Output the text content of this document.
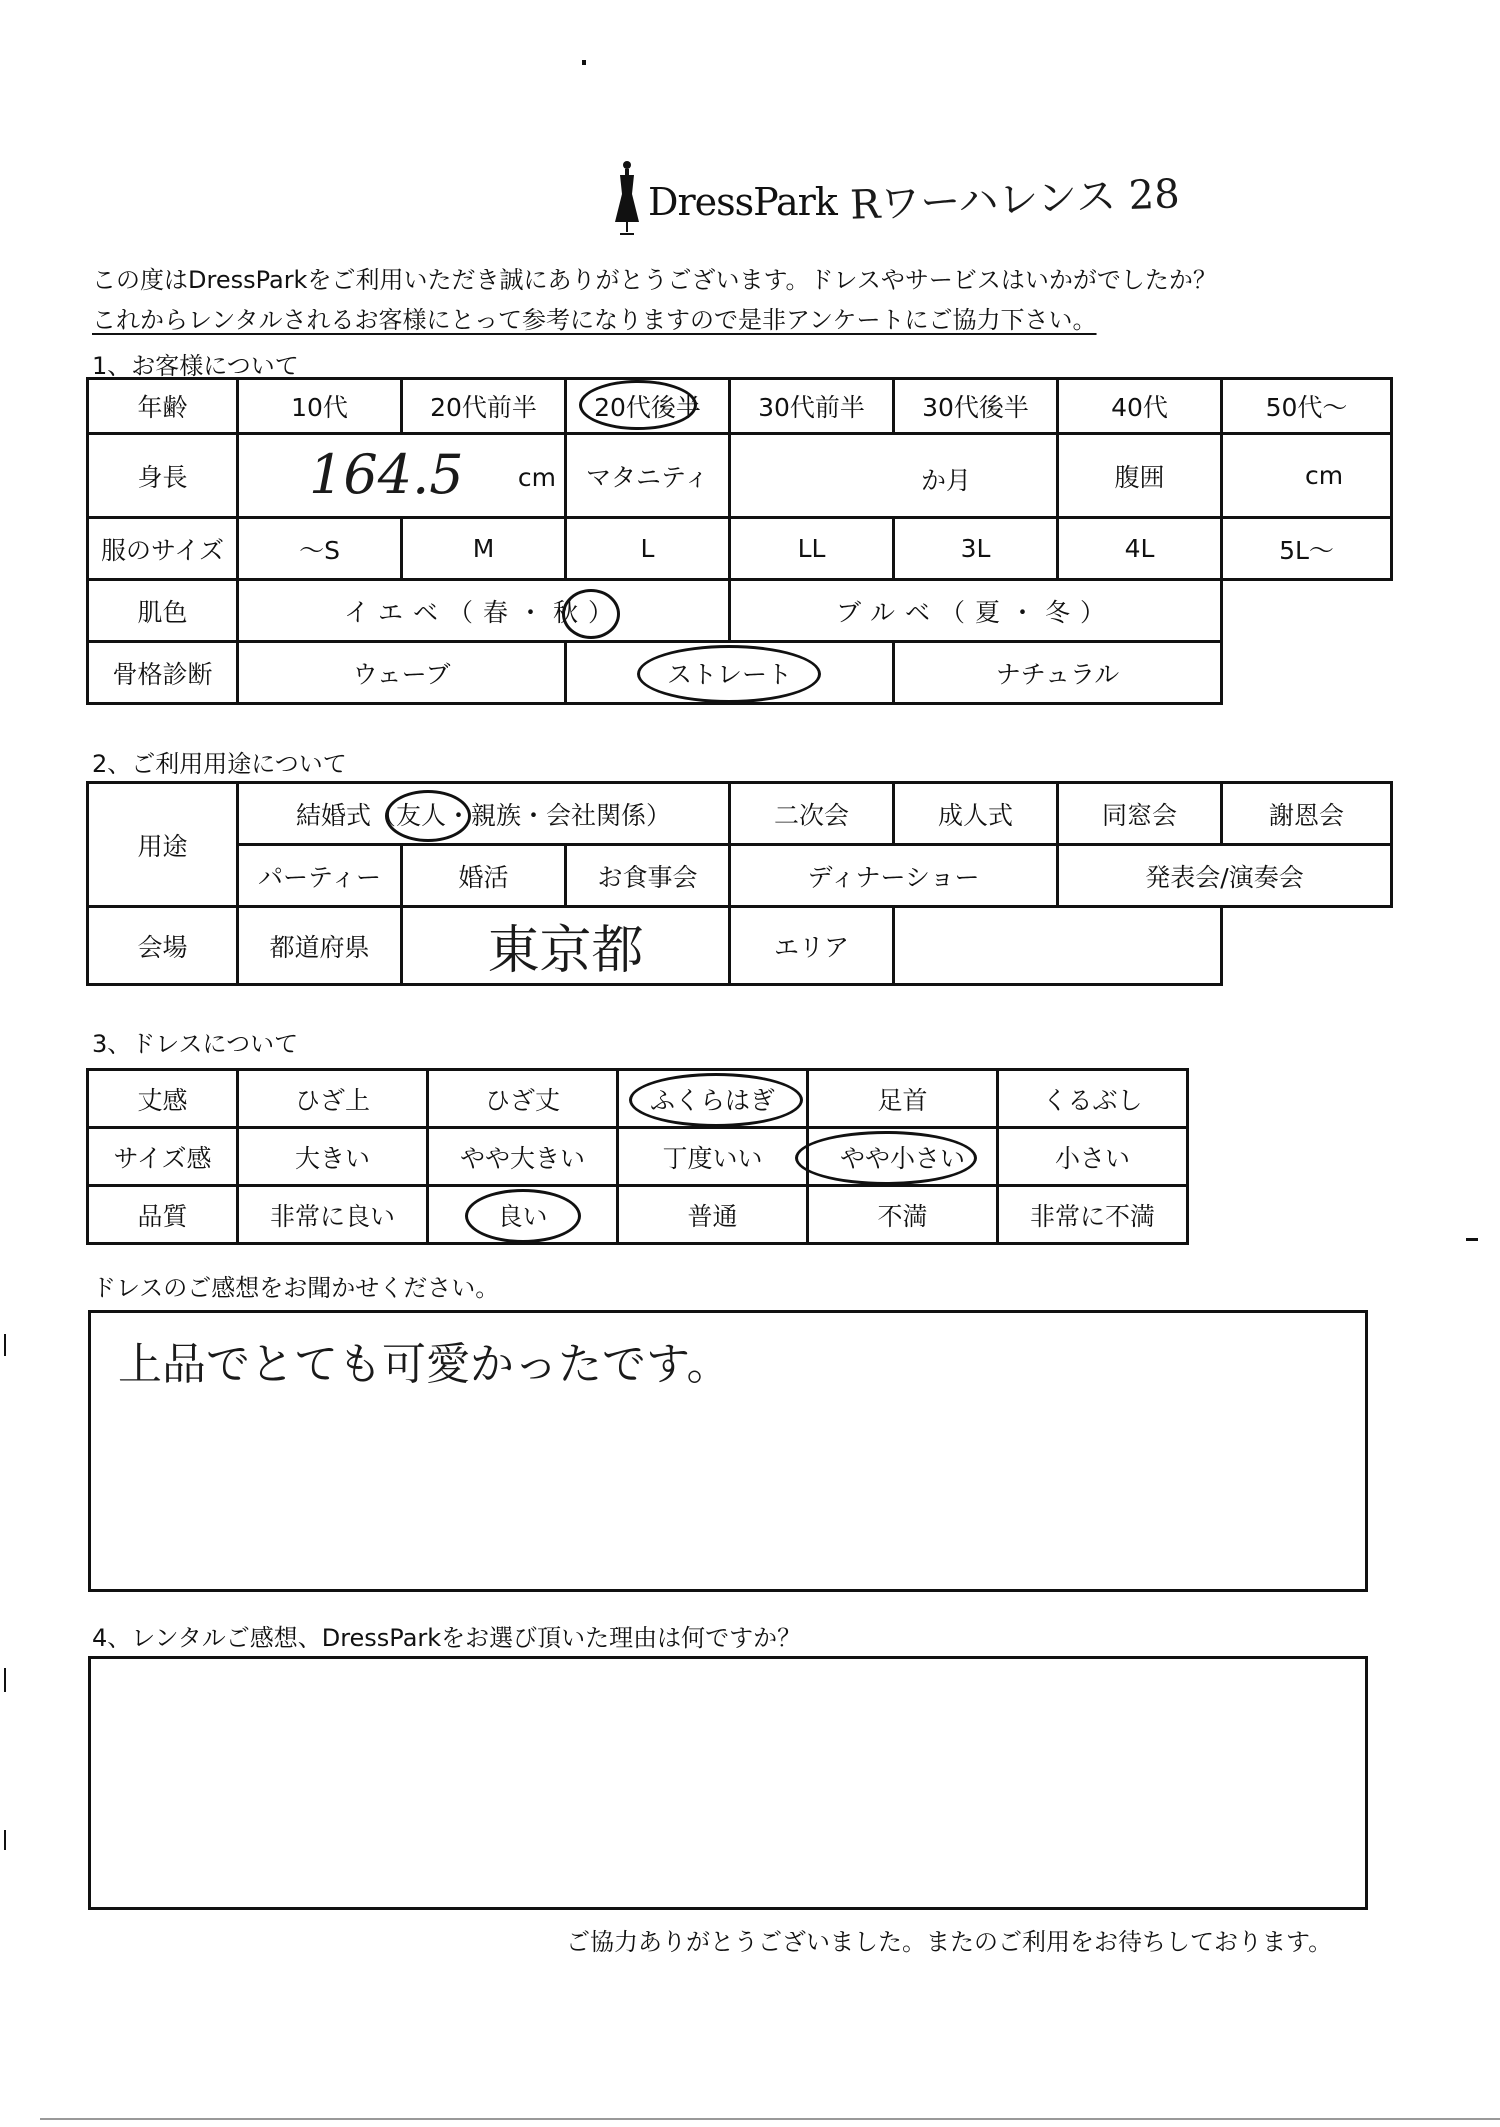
DressPark Rワーハレンス 28
この度はDressParkをご利用いただき誠にありがとうございます。ドレスやサービスはいかがでしたか？
これからレンタルされるお客様にとって参考になりますので是非アンケートにご協力下さい。
1、お客様について
年齢	10代	20代前半	20代後半	30代前半	30代後半	40代	50代～
身長	164.5 cm		マタニティ	か月		腹囲	cm

服のサイズ	～S	M	L	LL	3L	4L	5L～
肌色	イエベ（春・秋）			ブルベ（夏・冬）			
骨格診断	ウェーブ		ストレート		ナチュラル		
2、ご利用用途について
用途	結婚式（友人・親族・会社関係）			二次会	成人式	同窓会	謝恩会
	パーティー	婚活	お食事会	ディナーショー		発表会/演奏会	
会場	都道府県	東京都		エリア			
3、ドレスについて
丈感	ひざ上	ひざ丈	ふくらはぎ	足首	くるぶし
サイズ感	大きい	やや大きい	丁度いい	やや小さい	小さい
品質	非常に良い	良い	普通	不満	非常に不満
ドレスのご感想をお聞かせください。
上品でとても可愛かったです。
4、レンタルご感想、DressParkをお選び頂いた理由は何ですか？
ご協力ありがとうございました。またのご利用をお待ちしております。
